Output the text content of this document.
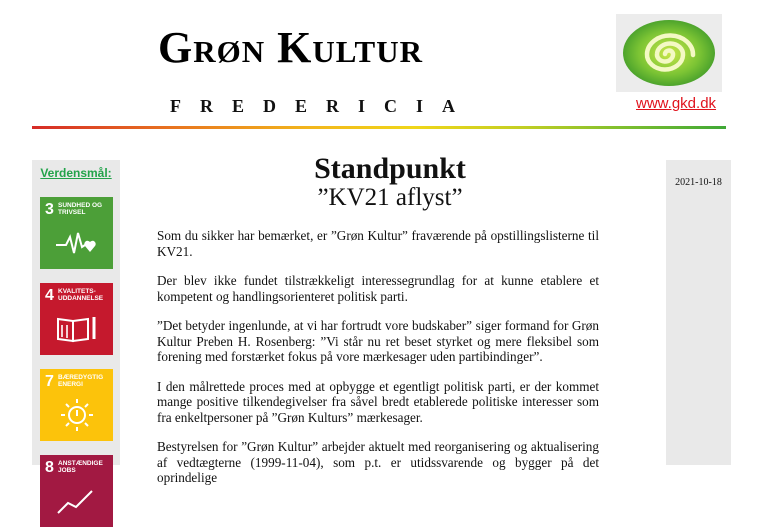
Grøn Kultur
FREDERICIA	www.gkd.dk
Verdensmål:
3 SUNDHED OG TRIVSEL
4 KVALITETS-UDDANNELSE
7 BÆREDYGTIG ENERGI
8 ANSTÆNDIGE JOBS
2021-10-18
Standpunkt
”KV21 aflyst”

Som du sikker har bemærket, er ”Grøn Kultur” fraværende på opstillingslisterne til KV21.

Der blev ikke fundet tilstrækkeligt interessegrundlag for at kunne etablere et kompetent og handlingsorienteret politisk parti.

”Det betyder ingenlunde, at vi har fortrudt vore budskaber” siger formand for Grøn Kultur Preben H. Rosenberg: ”Vi står nu ret beset styrket og mere fleksibel som forening med forstærket fokus på vore mærkesager uden partibindinger”.

I den målrettede proces med at opbygge et egentligt politisk parti, er der kommet mange positive tilkendegivelser fra såvel bredt etablerede politiske interesser som fra enkeltpersoner på ”Grøn Kulturs” mærkesager.

Bestyrelsen for ”Grøn Kultur” arbejder aktuelt med reorganisering og aktualisering af vedtægterne (1999-11-04), som p.t. er utidssvarende og bygger på det oprindelige
